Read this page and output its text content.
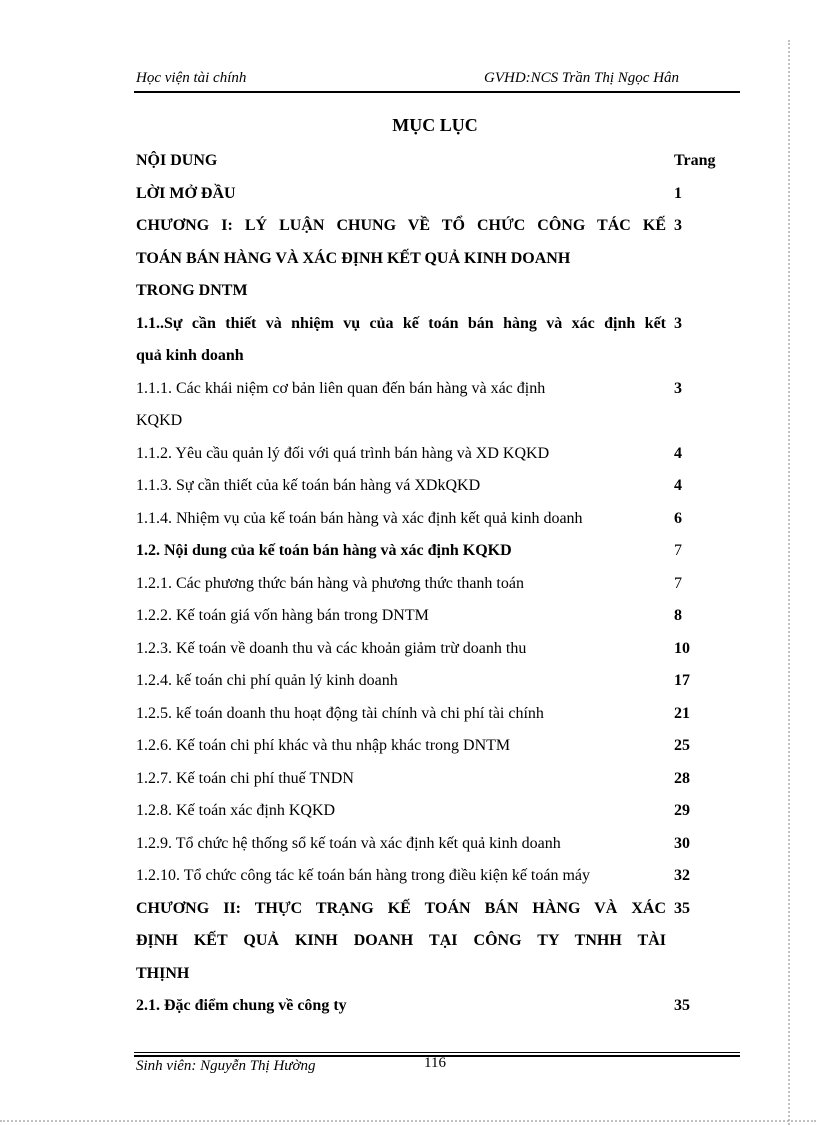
Học viện tài chính	GVHD:NCS Trần Thị Ngọc Hân
MỤC LỤC
NỘI DUNG	Trang
LỜI MỞ ĐẦU	1
CHƯƠNG I: LÝ LUẬN CHUNG VỀ TỔ CHỨC CÔNG TÁC KẾ 3
TOÁN BÁN HÀNG VÀ XÁC ĐỊNH KẾT QUẢ KINH DOANH
TRONG DNTM
1.1..Sự cần thiết và nhiệm vụ của kế toán bán hàng và xác định kết 3
quả kinh doanh
1.1.1. Các khái niệm cơ bản liên quan đến bán hàng và xác định	3
KQKD
1.1.2. Yêu cầu quản lý đối với quá trình bán hàng và XD KQKD	4
1.1.3. Sự cần thiết của kế toán bán hàng vá XDkQKD	4
1.1.4. Nhiệm vụ của kế toán bán hàng và xác định kết quả kinh doanh	6
1.2. Nội dung của kế toán bán hàng và xác định KQKD	7
1.2.1. Các phương thức bán hàng và phương thức thanh toán	7
1.2.2. Kế toán giá vốn hàng bán trong DNTM	8
1.2.3. Kế toán về doanh thu và các khoản giảm trừ doanh thu	10
1.2.4. kế toán chi phí quản lý kinh doanh	17
1.2.5. kế toán doanh thu hoạt động tài chính và chi phí tài chính	21
1.2.6. Kế toán chi phí khác và thu nhập khác trong DNTM	25
1.2.7. Kế toán chi phí thuế TNDN	28
1.2.8. Kế toán xác định KQKD	29
1.2.9. Tổ chức hệ thống sổ kế toán và xác định kết quả kinh doanh	30
1.2.10. Tổ chức công tác kế toán bán hàng trong điều kiện kế toán máy	32
CHƯƠNG II: THỰC TRẠNG KẾ TOÁN BÁN HÀNG VÀ XÁC 35
ĐỊNH KẾT QUẢ KINH DOANH TẠI CÔNG TY TNHH TÀI
THỊNH
2.1. Đặc điểm chung về công ty	35
Sinh viên: Nguyễn Thị Hường	116
